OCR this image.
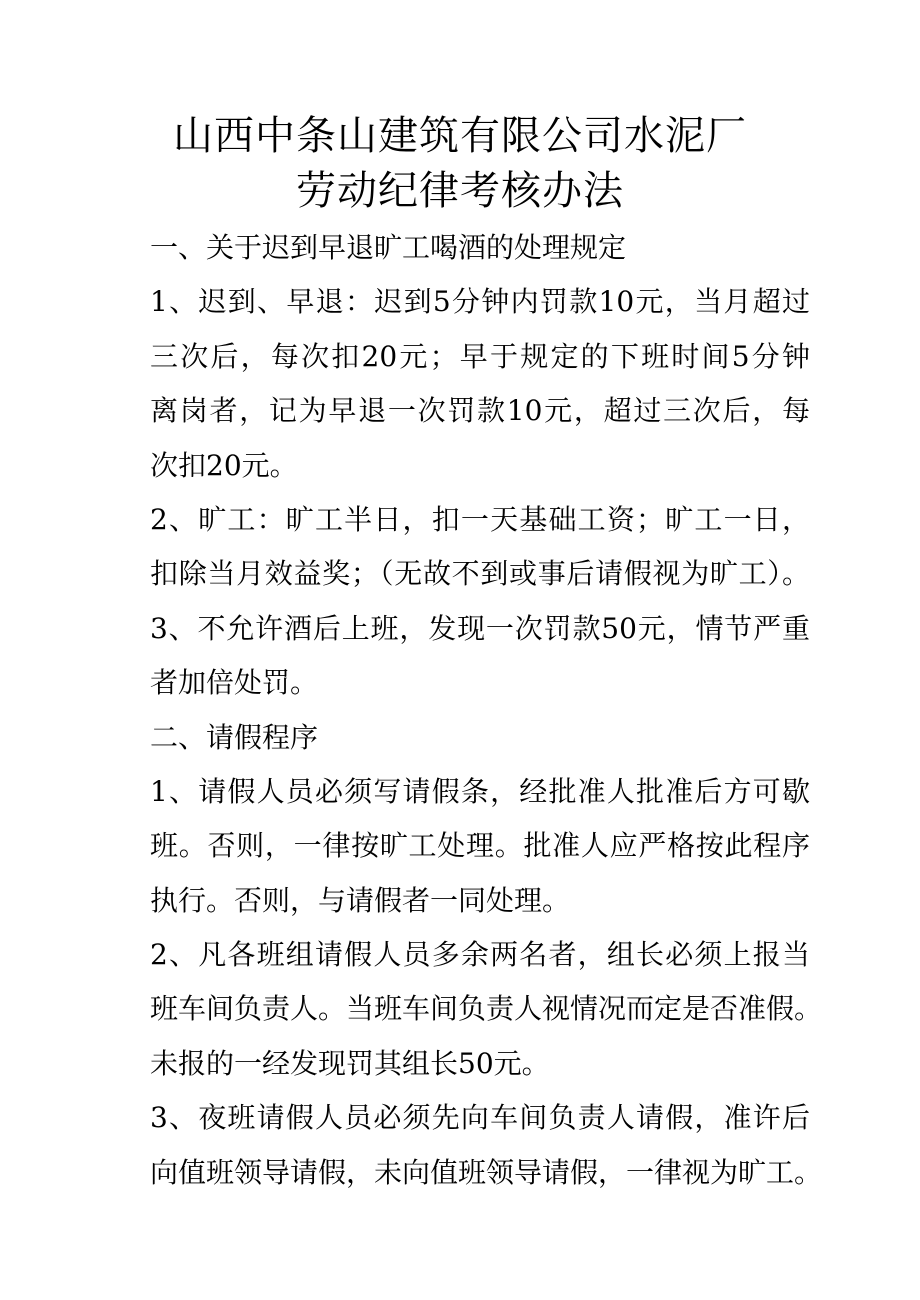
山西中条山建筑有限公司水泥厂
劳动纪律考核办法
一、关于迟到早退旷工喝酒的处理规定
1、迟到、早退：迟到5分钟内罚款10元，当月超过
三次后，每次扣20元；早于规定的下班时间5分钟
离岗者，记为早退一次罚款10元，超过三次后，每
次扣20元。
2、旷工：旷工半日，扣一天基础工资；旷工一日，
扣除当月效益奖；（无故不到或事后请假视为旷工）。
3、不允许酒后上班，发现一次罚款50元，情节严重
者加倍处罚。
二、请假程序
1、请假人员必须写请假条，经批准人批准后方可歇
班。否则，一律按旷工处理。批准人应严格按此程序
执行。否则，与请假者一同处理。
2、凡各班组请假人员多余两名者，组长必须上报当
班车间负责人。当班车间负责人视情况而定是否准假。
未报的一经发现罚其组长50元。
3、夜班请假人员必须先向车间负责人请假，准许后
向值班领导请假，未向值班领导请假，一律视为旷工。
